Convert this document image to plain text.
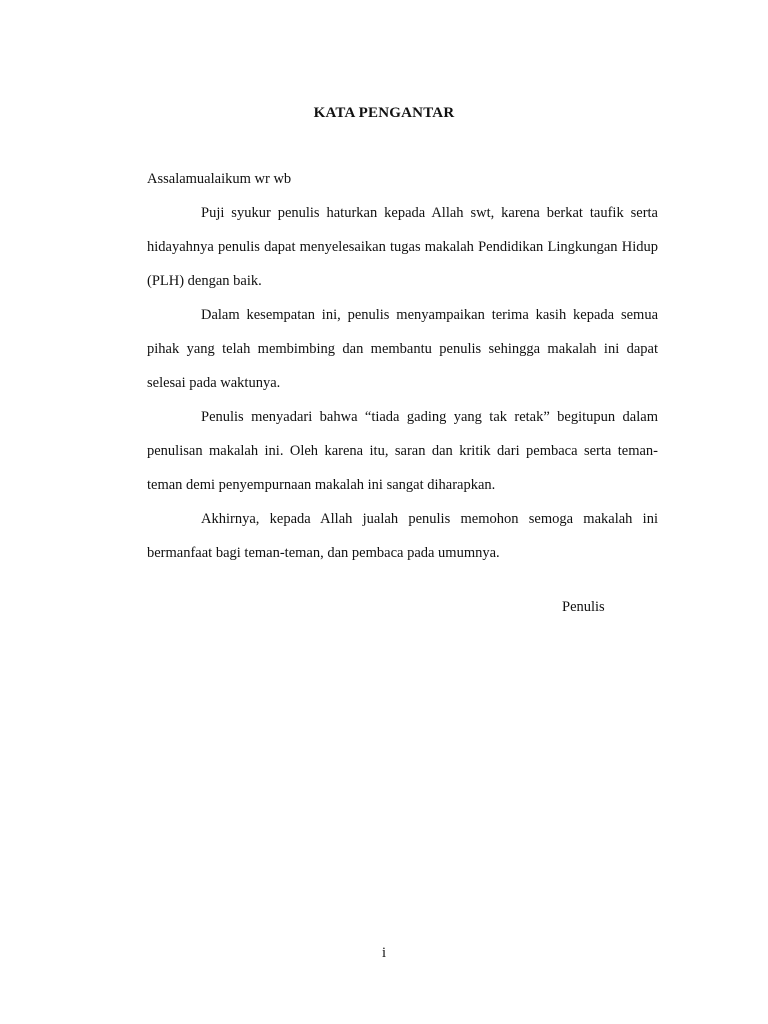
KATA PENGANTAR

Assalamualaikum wr wb

Puji syukur penulis haturkan kepada Allah swt, karena berkat taufik serta hidayahnya penulis dapat menyelesaikan tugas makalah Pendidikan Lingkungan Hidup (PLH) dengan baik.

Dalam kesempatan ini, penulis menyampaikan terima kasih kepada semua pihak yang telah membimbing dan membantu penulis sehingga makalah ini dapat selesai pada waktunya.

Penulis menyadari bahwa “tiada gading yang tak retak” begitupun dalam penulisan makalah ini. Oleh karena itu, saran dan kritik dari pembaca serta teman-teman demi penyempurnaan makalah ini sangat diharapkan.

Akhirnya, kepada Allah jualah penulis memohon semoga makalah ini bermanfaat bagi teman-teman, dan pembaca pada umumnya.

Penulis
i
